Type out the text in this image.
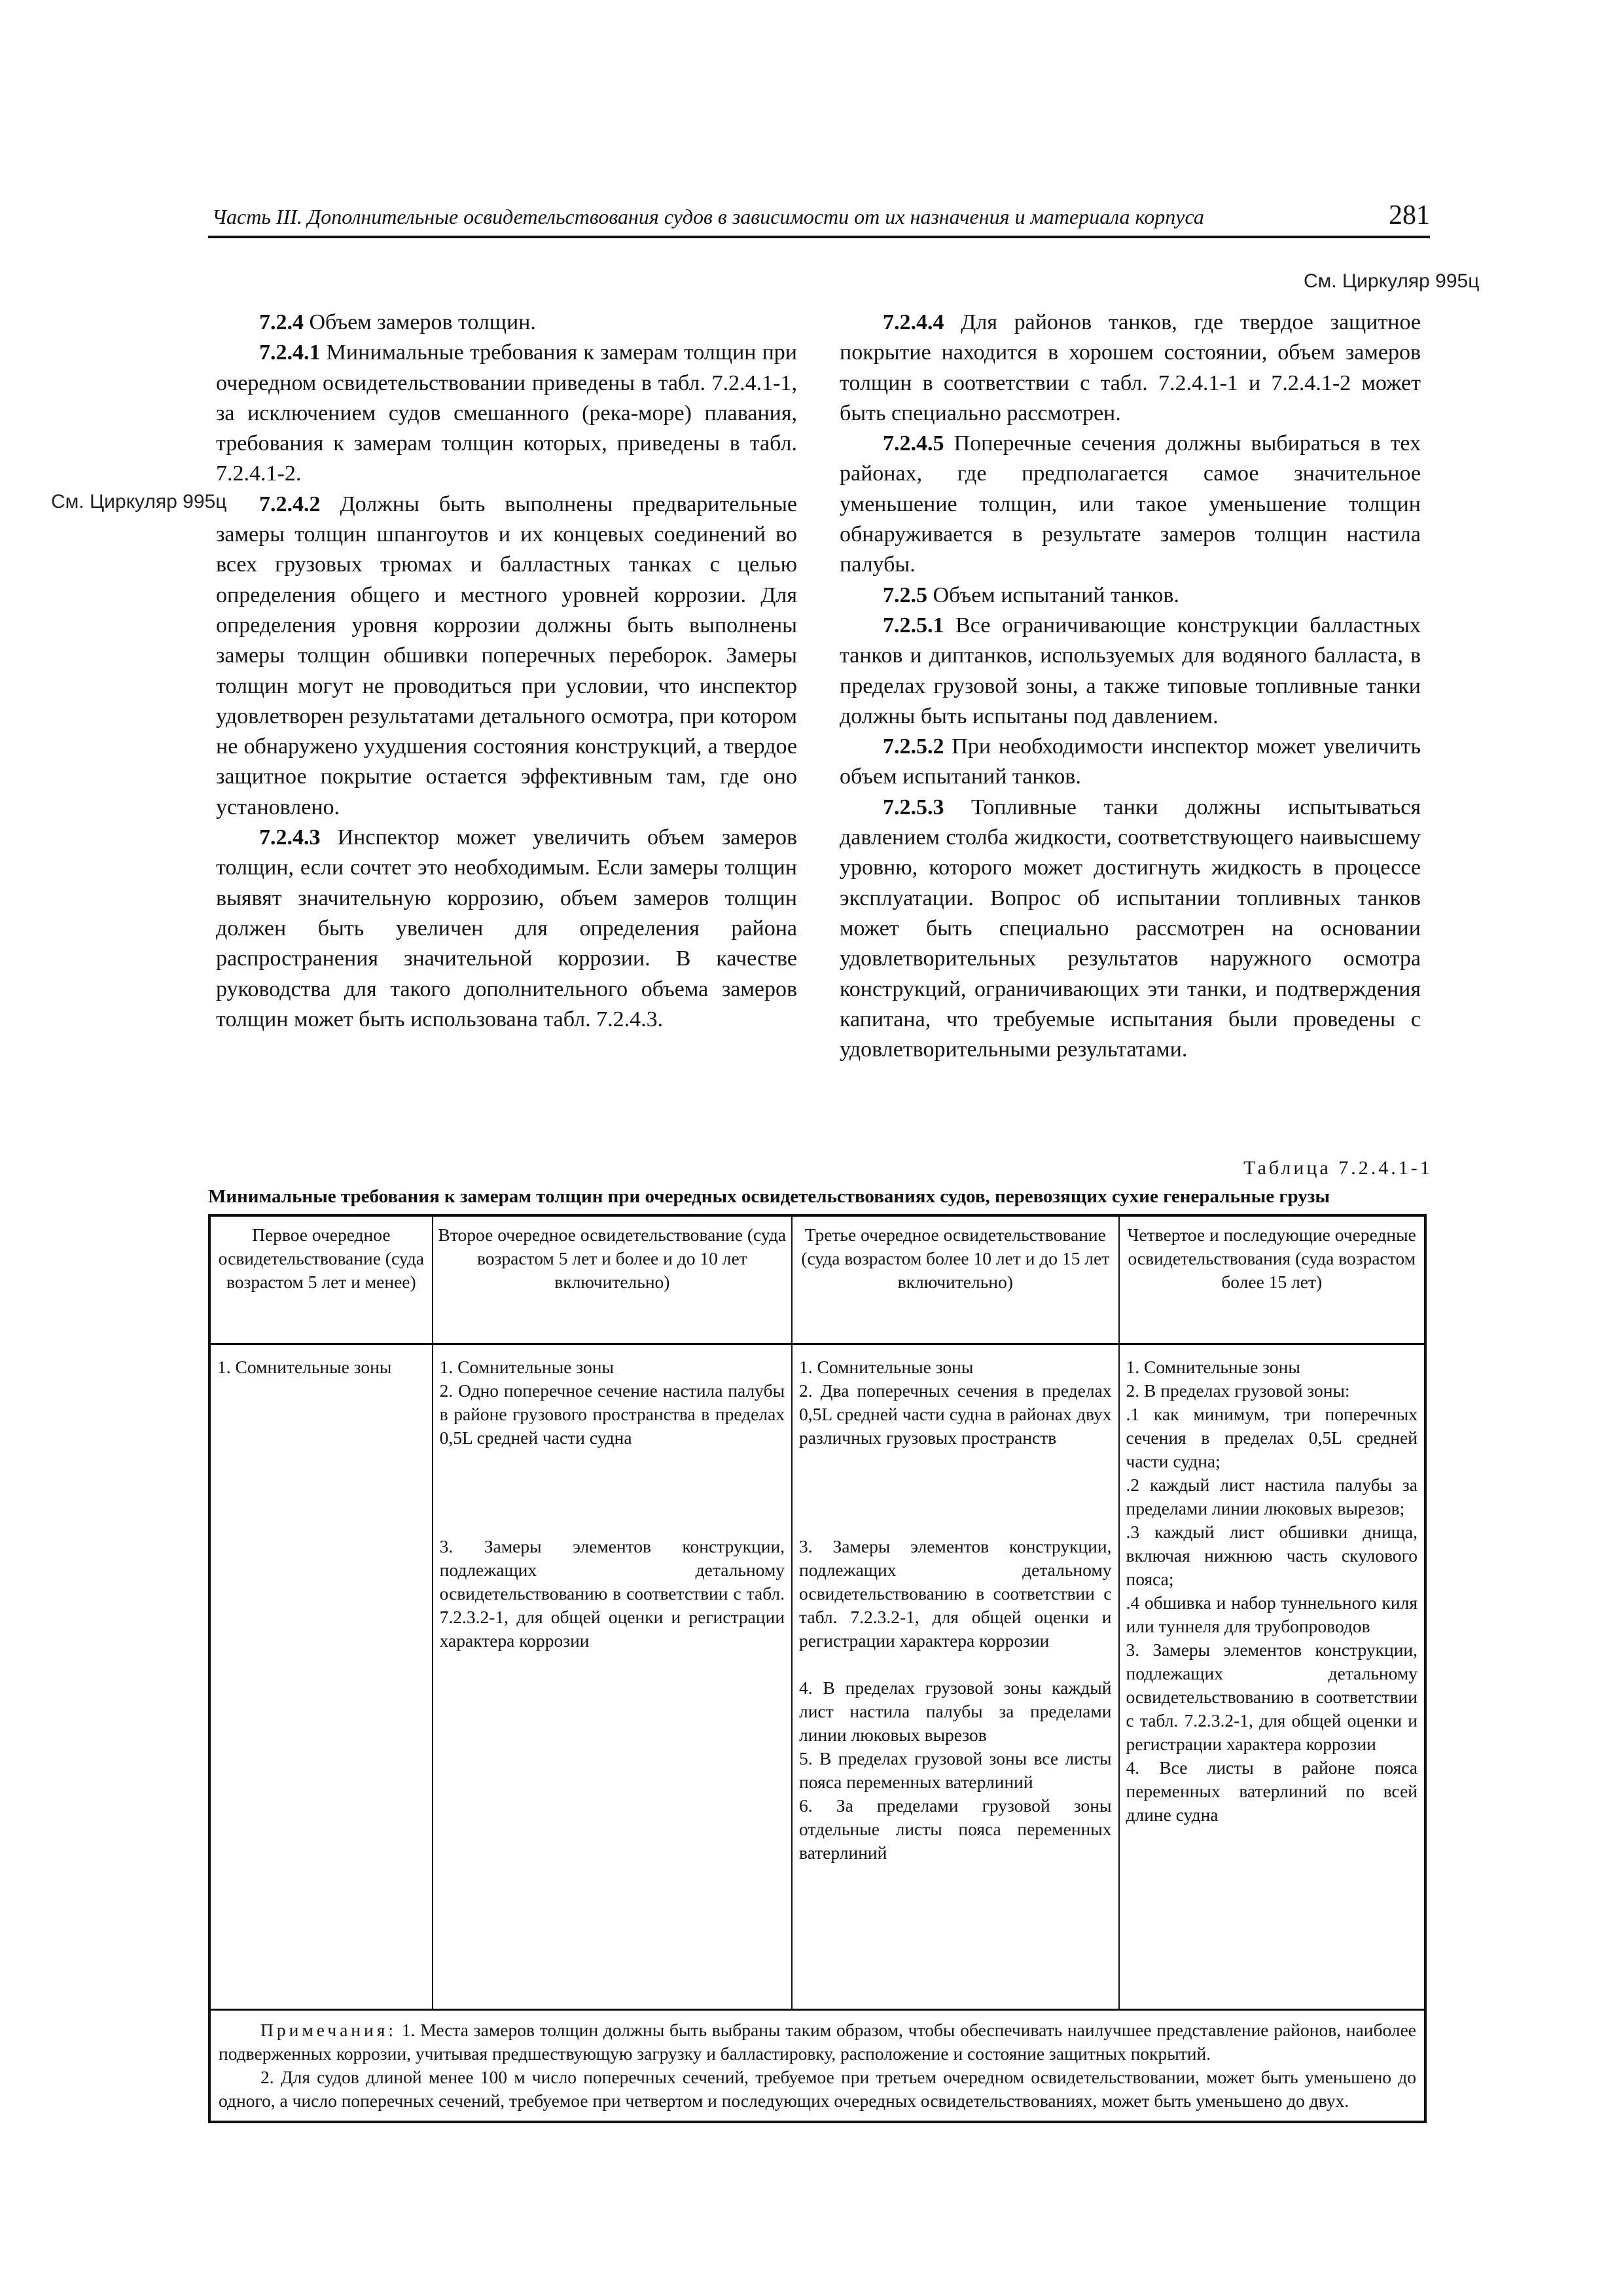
Часть III. Дополнительные освидетельствования судов в зависимости от их назначения и материала корпуса	281
См. Циркуляр 995ц
См. Циркуляр 995ц

7.2.4 Объем замеров толщин.

7.2.4.1 Минимальные требования к замерам толщин при очередном освидетельствовании приведены в табл. 7.2.4.1-1, за исключением судов смешанного (река-море) плавания, требования к замерам толщин которых, приведены в табл. 7.2.4.1-2.

7.2.4.2 Должны быть выполнены предварительные замеры толщин шпангоутов и их концевых соединений во всех грузовых трюмах и балластных танках с целью определения общего и местного уровней коррозии. Для определения уровня коррозии должны быть выполнены замеры толщин обшивки поперечных переборок. Замеры толщин могут не проводиться при условии, что инспектор удовлетворен результатами детального осмотра, при котором не обнаружено ухудшения состояния конструкций, а твердое защитное покрытие остается эффективным там, где оно установлено.

7.2.4.3 Инспектор может увеличить объем замеров толщин, если сочтет это необходимым. Если замеры толщин выявят значительную коррозию, объем замеров толщин должен быть увеличен для определения района распространения значительной коррозии. В качестве руководства для такого дополнительного объема замеров толщин может быть использована табл. 7.2.4.3.

7.2.4.4 Для районов танков, где твердое защитное покрытие находится в хорошем состоянии, объем замеров толщин в соответствии с табл. 7.2.4.1-1 и 7.2.4.1-2 может быть специально рассмотрен.

7.2.4.5 Поперечные сечения должны выбираться в тех районах, где предполагается самое значительное уменьшение толщин, или такое уменьшение толщин обнаруживается в результате замеров толщин настила палубы.

7.2.5 Объем испытаний танков.

7.2.5.1 Все ограничивающие конструкции балластных танков и диптанков, используемых для водяного балласта, в пределах грузовой зоны, а также типовые топливные танки должны быть испытаны под давлением.

7.2.5.2 При необходимости инспектор может увеличить объем испытаний танков.

7.2.5.3 Топливные танки должны испытываться давлением столба жидкости, соответствующего наивысшему уровню, которого может достигнуть жидкость в процессе эксплуатации. Вопрос об испытании топливных танков может быть специально рассмотрен на основании удовлетворительных результатов наружного осмотра конструкций, ограничивающих эти танки, и подтверждения капитана, что требуемые испытания были проведены с удовлетворительными результатами.

Таблица 7.2.4.1-1
Минимальные требования к замерам толщин при очередных освидетельствованиях судов, перевозящих сухие генеральные грузы
Первое очередное освидетельствование (суда возрастом 5 лет и менее)
Второе очередное освидетельствование (суда возрастом 5 лет и более и до 10 лет включительно)
Третье очередное освидетельствование (суда возрастом более 10 лет и до 15 лет включительно)
Четвертое и последующие очередные освидетельствования (суда возрастом более 15 лет)

1. Сомнительные зоны	1. Сомнительные зоны

2. Одно поперечное сечение настила палубы в районе грузового пространства в пределах 0,5L средней части судна

3. Замеры элементов конструкции, подлежащих детальному освидетельствованию в соответствии с табл. 7.2.3.2-1, для общей оценки и регистрации характера коррозии

1. Сомнительные зоны

2. Два поперечных сечения в пределах 0,5L средней части судна в районах двух различных грузовых пространств

3. Замеры элементов конструкции, подлежащих детальному освидетельствованию в соответствии с табл. 7.2.3.2-1, для общей оценки и регистрации характера коррозии

4. В пределах грузовой зоны каждый лист настила палубы за пределами линии люковых вырезов

5. В пределах грузовой зоны все листы пояса переменных ватерлиний

6. За пределами грузовой зоны отдельные листы пояса переменных ватерлиний

1. Сомнительные зоны

2. В пределах грузовой зоны:

.1 как минимум, три поперечных сечения в пределах 0,5L средней части судна;

.2 каждый лист настила палубы за пределами линии люковых вырезов;

.3 каждый лист обшивки днища, включая нижнюю часть скулового пояса;

.4 обшивка и набор туннельного киля или туннеля для трубопроводов

3. Замеры элементов конструкции, подлежащих детальному освидетельствованию в соответствии с табл. 7.2.3.2-1, для общей оценки и регистрации характера коррозии

4. Все листы в районе пояса переменных ватерлиний по всей длине судна

Примечания: 1. Места замеров толщин должны быть выбраны таким образом, чтобы обеспечивать наилучшее представление районов, наиболее подверженных коррозии, учитывая предшествующую загрузку и балластировку, расположение и состояние защитных покрытий.

2. Для судов длиной менее 100 м число поперечных сечений, требуемое при третьем очередном освидетельствовании, может быть уменьшено до одного, а число поперечных сечений, требуемое при четвертом и последующих очередных освидетельствованиях, может быть уменьшено до двух.
